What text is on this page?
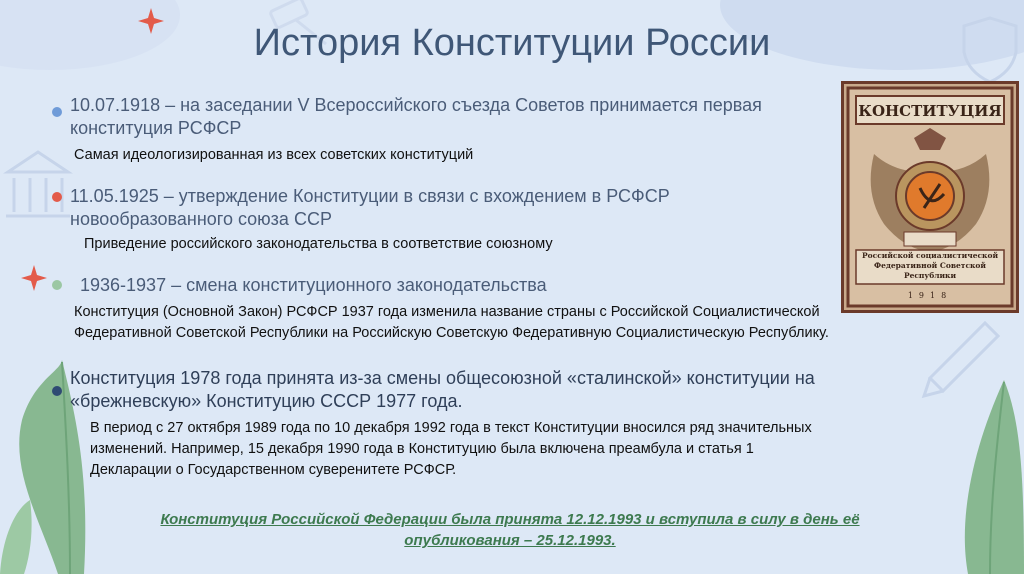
История Конституции России

10.07.1918 – на заседании V Всероссийского съезда Советов принимается первая конституция РСФСР

Самая идеологизированная из всех советских конституций

11.05.1925 – утверждение Конституции в связи с вхождением в РСФСР новообразованного союза ССР

Приведение российского законодательства в соответствие союзному

1936-1937 – смена конституционного законодательства

Конституция (Основной Закон) РСФСР 1937 года изменила название страны с Российской Социалистической Федеративной Советской Республики на Российскую Советскую Федеративную Социалистическую Республику.

Конституция 1978 года принята из-за смены общесоюзной «сталинской» конституции на «брежневскую» Конституцию СССР 1977 года.

В период с 27 октября 1989 года по 10 декабря 1992 года в текст Конституции вносился ряд значительных изменений. Например, 15 декабря 1990 года в Конституцию была включена преамбула и статья 1 Декларации о Государственном суверенитете РСФСР.

КОНСТИТУЦИЯ
Российской социалистической Федеративной Советской Республики
1918
Конституция Российской Федерации была принята 12.12.1993 и вступила в силу в день её опубликования – 25.12.1993.
